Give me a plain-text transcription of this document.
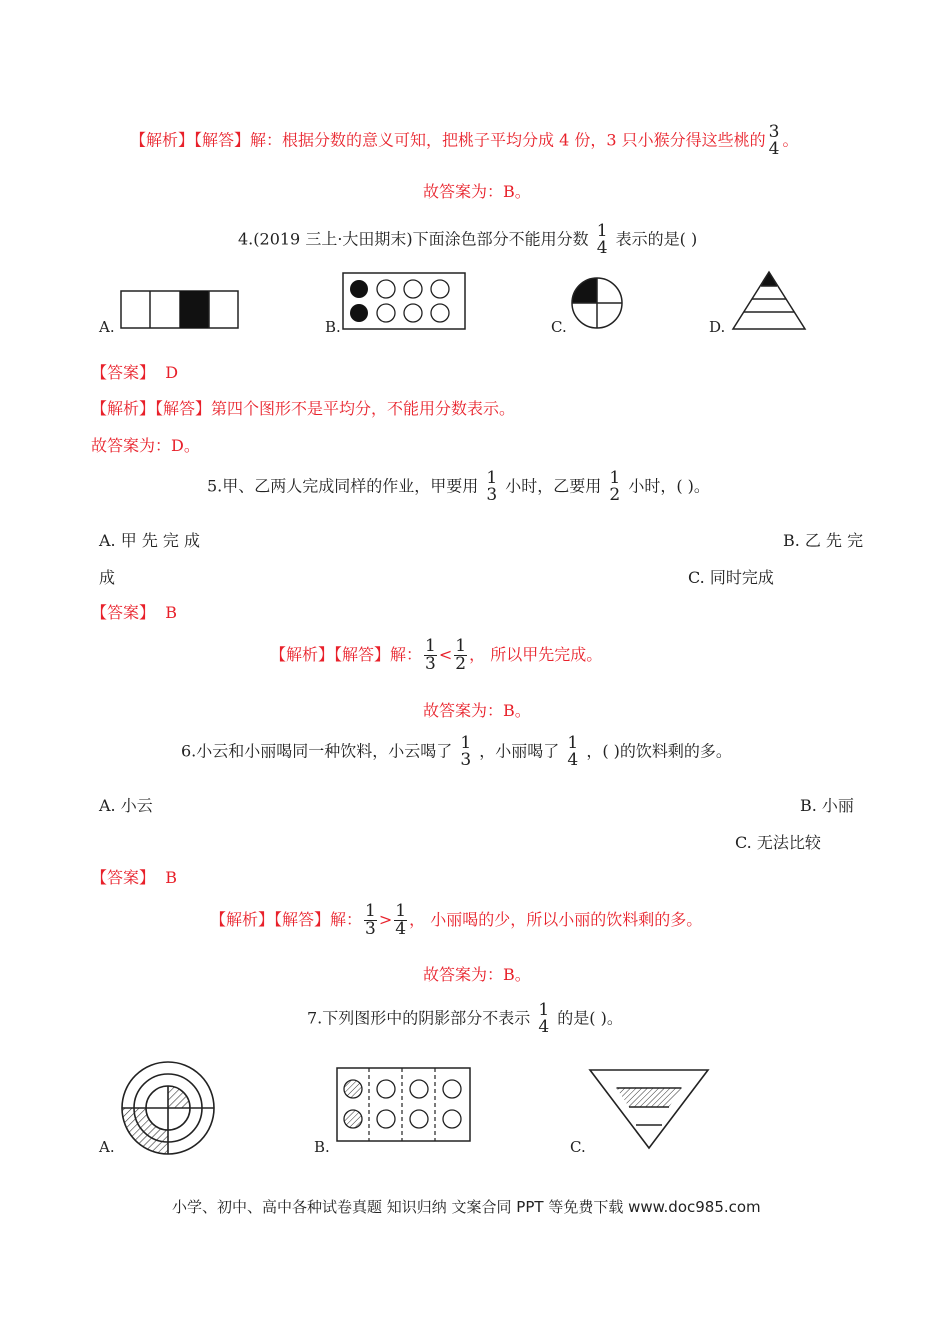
【解析】【解答】解：根据分数的意义可知，把桃子平均分成 4 份，3 只小猴分得这些桃的 3
4 。
故答案为：B。
4.(2019 三上·大田期末)下面涂色部分不能用分数 1
4 表示的是( )
A.	B.	C.	D.
【答案】 D
【解析】【解答】第四个图形不是平均分，不能用分数表示。
故答案为：D。
5.甲、乙两人完成同样的作业，甲要用 1
3 小时，乙要用 1
2 小时，( )。
A. 甲 先 完 成	B. 乙 先 完
成	C. 同时完成
【答案】 B
【解析】【解答】解： $\frac{1}{3} < \frac{1}{2}$ ， 所以甲先完成。
故答案为：B。
6.小云和小丽喝同一种饮料，小云喝了 1
3 ，小丽喝了 1
4 ，( )的饮料剩的多。
A. 小云	B. 小丽
C. 无法比较
【答案】 B
【解析】【解答】解： $\frac{1}{3} > \frac{1}{4}$ ， 小丽喝的少，所以小丽的饮料剩的多。
故答案为：B。
7.下列图形中的阴影部分不表示 1
4 的是( )。
A.	B.	C.
小学、初中、高中各种试卷真题 知识归纳 文案合同 PPT 等免费下载 www.doc985.com
